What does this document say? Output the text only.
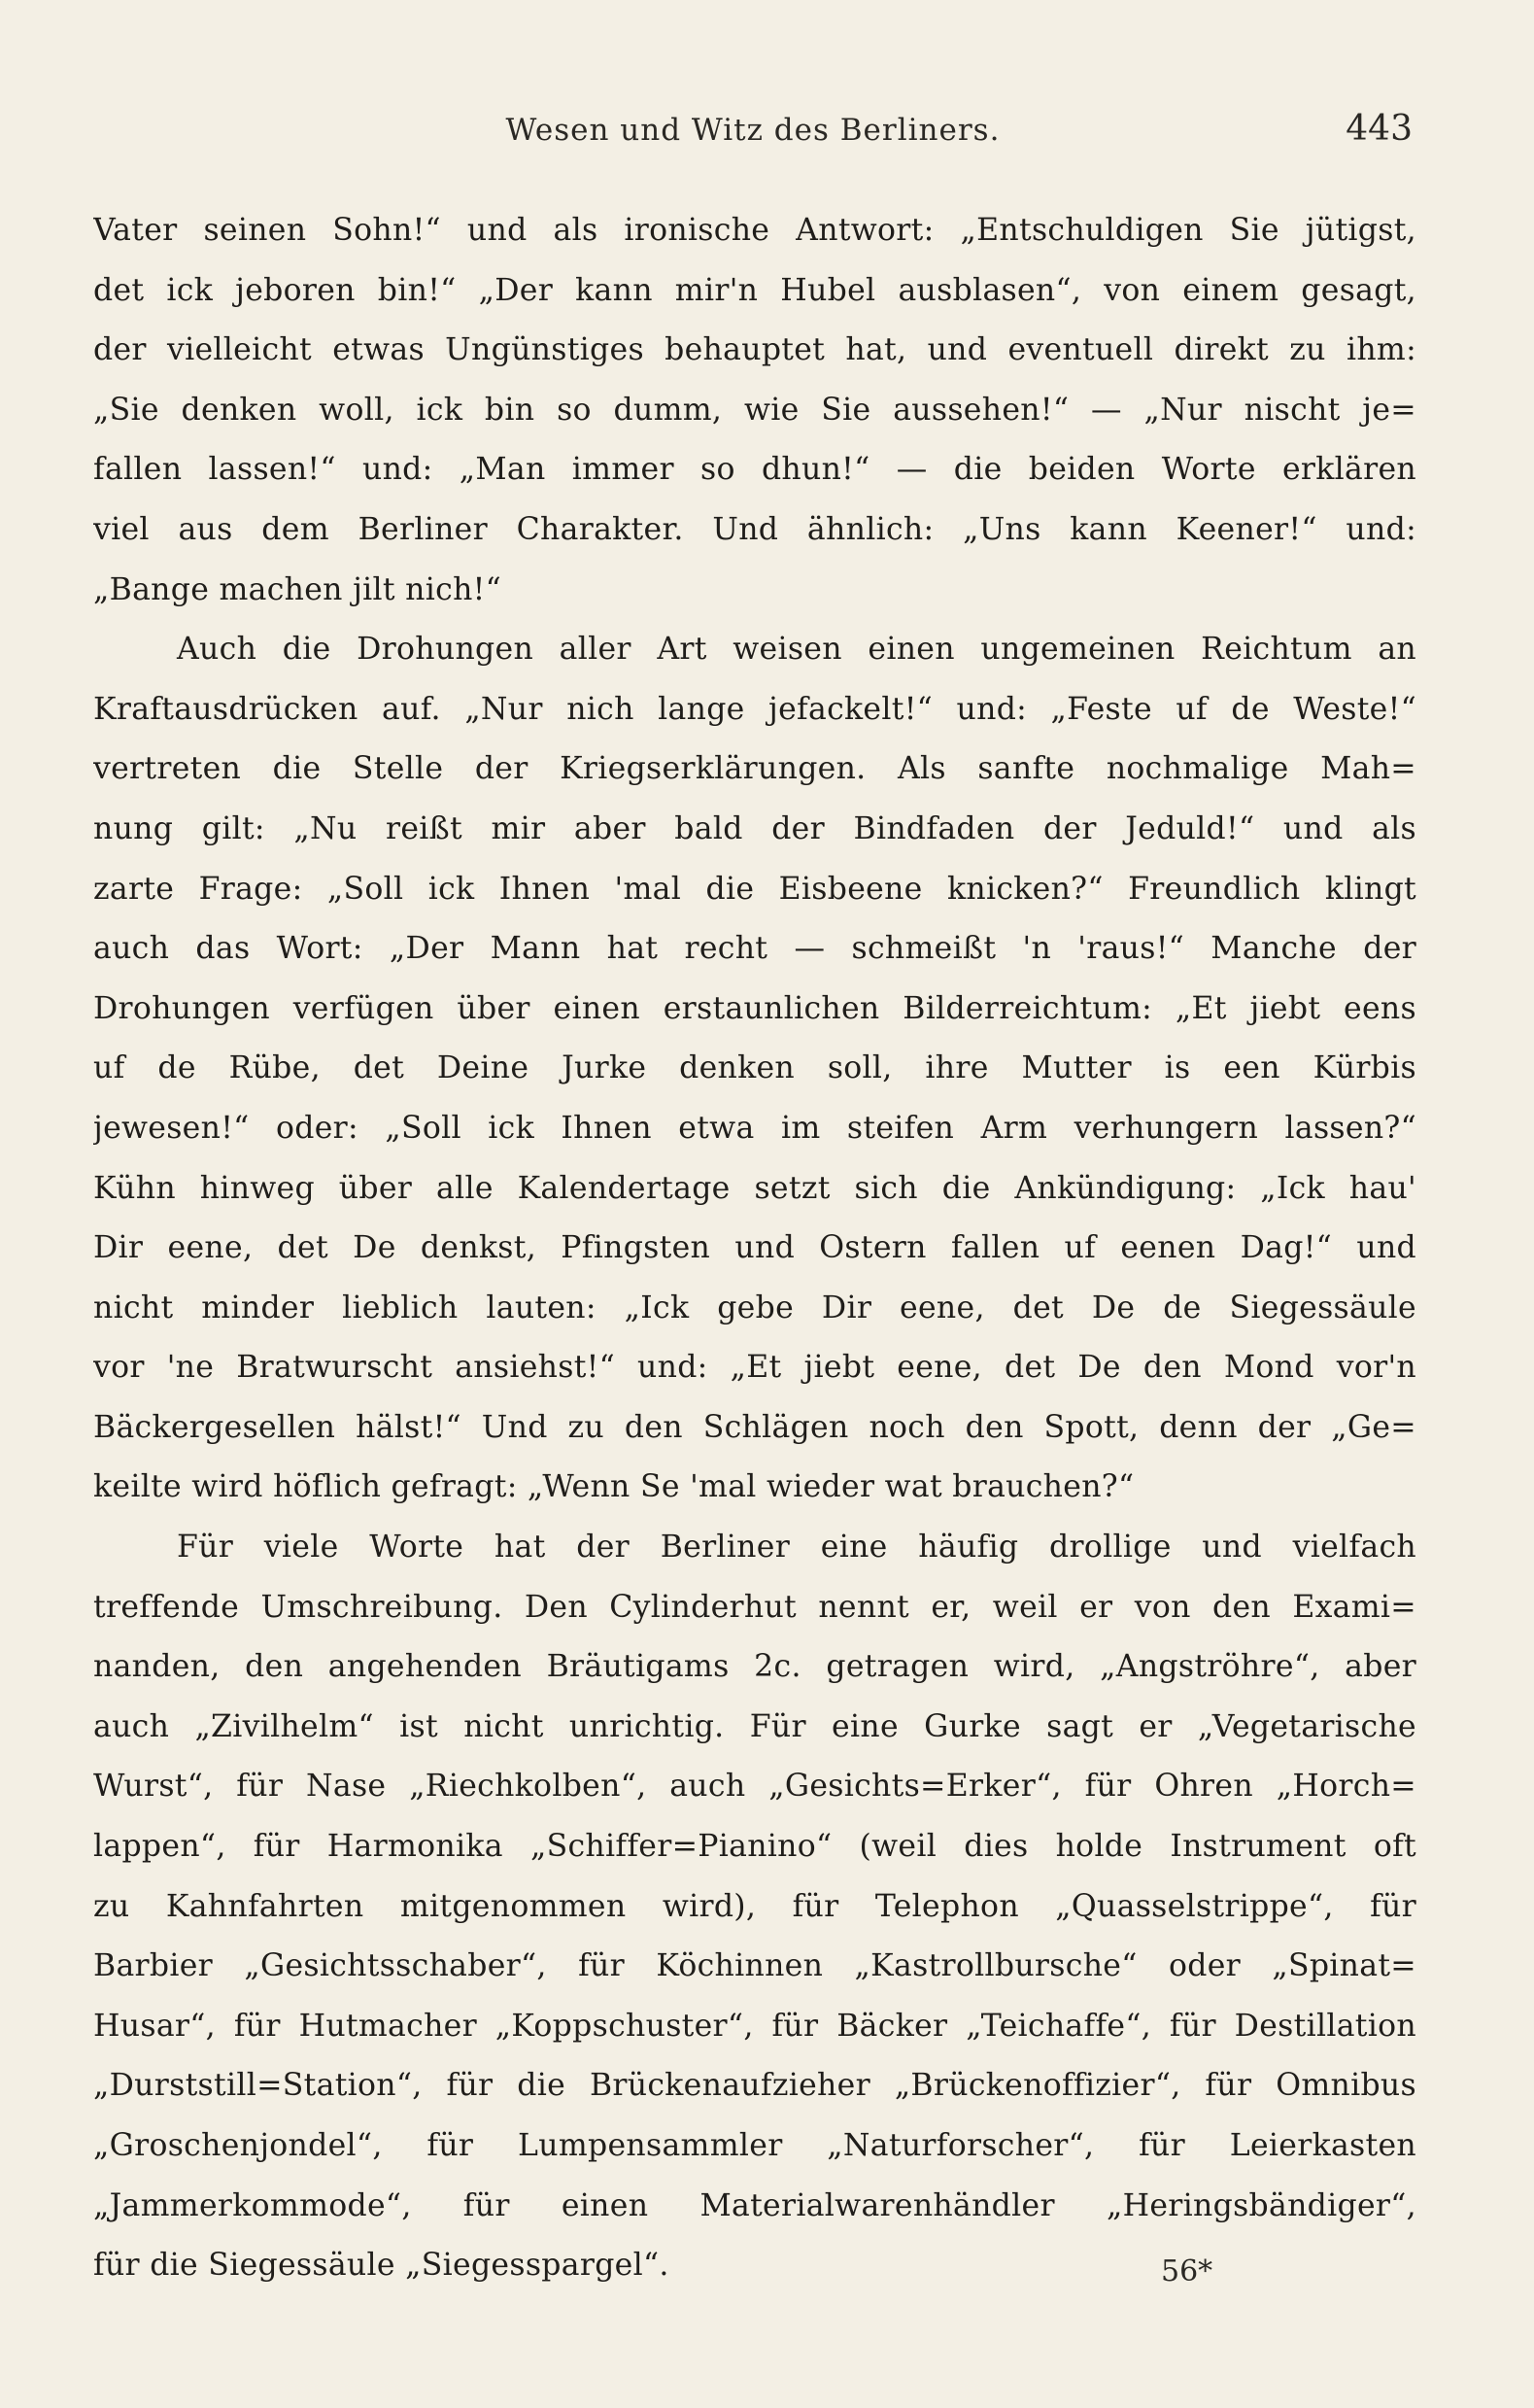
Wesen und Witz des Berliners.	443
Vater seinen Sohn!“ und als ironische Antwort: „Entschuldigen Sie jütigst,
det ick jeboren bin!“ „Der kann mir'n Hubel ausblasen“, von einem gesagt,
der vielleicht etwas Ungünstiges behauptet hat, und eventuell direkt zu ihm:
„Sie denken woll, ick bin so dumm, wie Sie aussehen!“ — „Nur nischt je=
fallen lassen!“ und: „Man immer so dhun!“ — die beiden Worte erklären
viel aus dem Berliner Charakter. Und ähnlich: „Uns kann Keener!“ und:
„Bange machen jilt nich!“
Auch die Drohungen aller Art weisen einen ungemeinen Reichtum an
Kraftausdrücken auf. „Nur nich lange jefackelt!“ und: „Feste uf de Weste!“
vertreten die Stelle der Kriegserklärungen. Als sanfte nochmalige Mah=
nung gilt: „Nu reißt mir aber bald der Bindfaden der Jeduld!“ und als
zarte Frage: „Soll ick Ihnen 'mal die Eisbeene knicken?“ Freundlich klingt
auch das Wort: „Der Mann hat recht — schmeißt 'n 'raus!“ Manche der
Drohungen verfügen über einen erstaunlichen Bilderreichtum: „Et jiebt eens
uf de Rübe, det Deine Jurke denken soll, ihre Mutter is een Kürbis
jewesen!“ oder: „Soll ick Ihnen etwa im steifen Arm verhungern lassen?“
Kühn hinweg über alle Kalendertage setzt sich die Ankündigung: „Ick hau'
Dir eene, det De denkst, Pfingsten und Ostern fallen uf eenen Dag!“ und
nicht minder lieblich lauten: „Ick gebe Dir eene, det De de Siegessäule
vor 'ne Bratwurscht ansiehst!“ und: „Et jiebt eene, det De den Mond vor'n
Bäckergesellen hälst!“ Und zu den Schlägen noch den Spott, denn der „Ge=
keilte wird höflich gefragt: „Wenn Se 'mal wieder wat brauchen?“
Für viele Worte hat der Berliner eine häufig drollige und vielfach
treffende Umschreibung. Den Cylinderhut nennt er, weil er von den Exami=
nanden, den angehenden Bräutigams 2c. getragen wird, „Angströhre“, aber
auch „Zivilhelm“ ist nicht unrichtig. Für eine Gurke sagt er „Vegetarische
Wurst“, für Nase „Riechkolben“, auch „Gesichts=Erker“, für Ohren „Horch=
lappen“, für Harmonika „Schiffer=Pianino“ (weil dies holde Instrument oft
zu Kahnfahrten mitgenommen wird), für Telephon „Quasselstrippe“, für
Barbier „Gesichtsschaber“, für Köchinnen „Kastrollbursche“ oder „Spinat=
Husar“, für Hutmacher „Koppschuster“, für Bäcker „Teichaffe“, für Destillation
„Durststill=Station“, für die Brückenaufzieher „Brückenoffizier“, für Omnibus
„Groschenjondel“, für Lumpensammler „Naturforscher“, für Leierkasten
„Jammerkommode“, für einen Materialwarenhändler „Heringsbändiger“,
für die Siegessäule „Siegesspargel“.	56*
